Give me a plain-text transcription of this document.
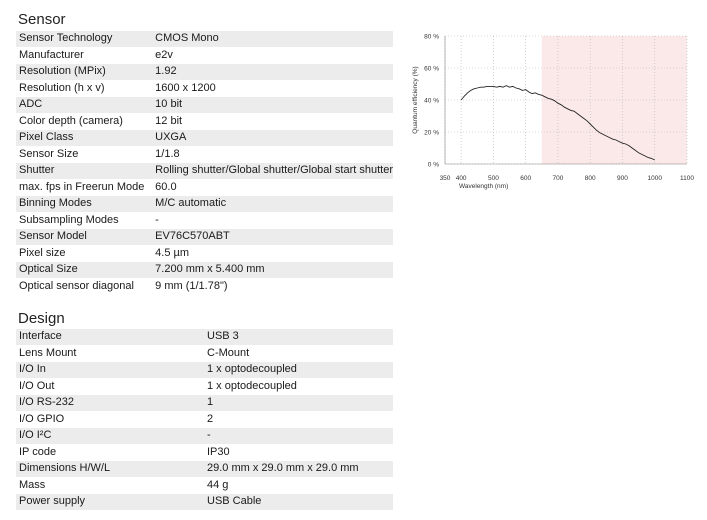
Sensor
Sensor Technology	CMOS Mono
Manufacturer	e2v
Resolution (MPix)	1.92
Resolution (h x v)	1600 x 1200
ADC	10 bit
Color depth (camera)	12 bit
Pixel Class	UXGA
Sensor Size	1/1.8
Shutter	Rolling shutter/Global shutter/Global start shutter
max. fps in Freerun Mode	60.0
Binning Modes	M/C automatic
Subsampling Modes	-
Sensor Model	EV76C570ABT
Pixel size	4.5 µm
Optical Size	7.200 mm x 5.400 mm
Optical sensor diagonal	9 mm (1/1.78")
Design
Interface	USB 3
Lens Mount	C-Mount
I/O In	1 x optodecoupled
I/O Out	1 x optodecoupled
I/O RS-232	1
I/O GPIO	2
I/O I²C	-
IP code	IP30
Dimensions H/W/L	29.0 mm x 29.0 mm x 29.0 mm
Mass	44 g
Power supply	USB Cable
0 %
20 %
40 %
60 %
80 %
350 400	500	600	700	800	900	1000	1100
Wavelength (nm)
Quantum efficiency (%)
